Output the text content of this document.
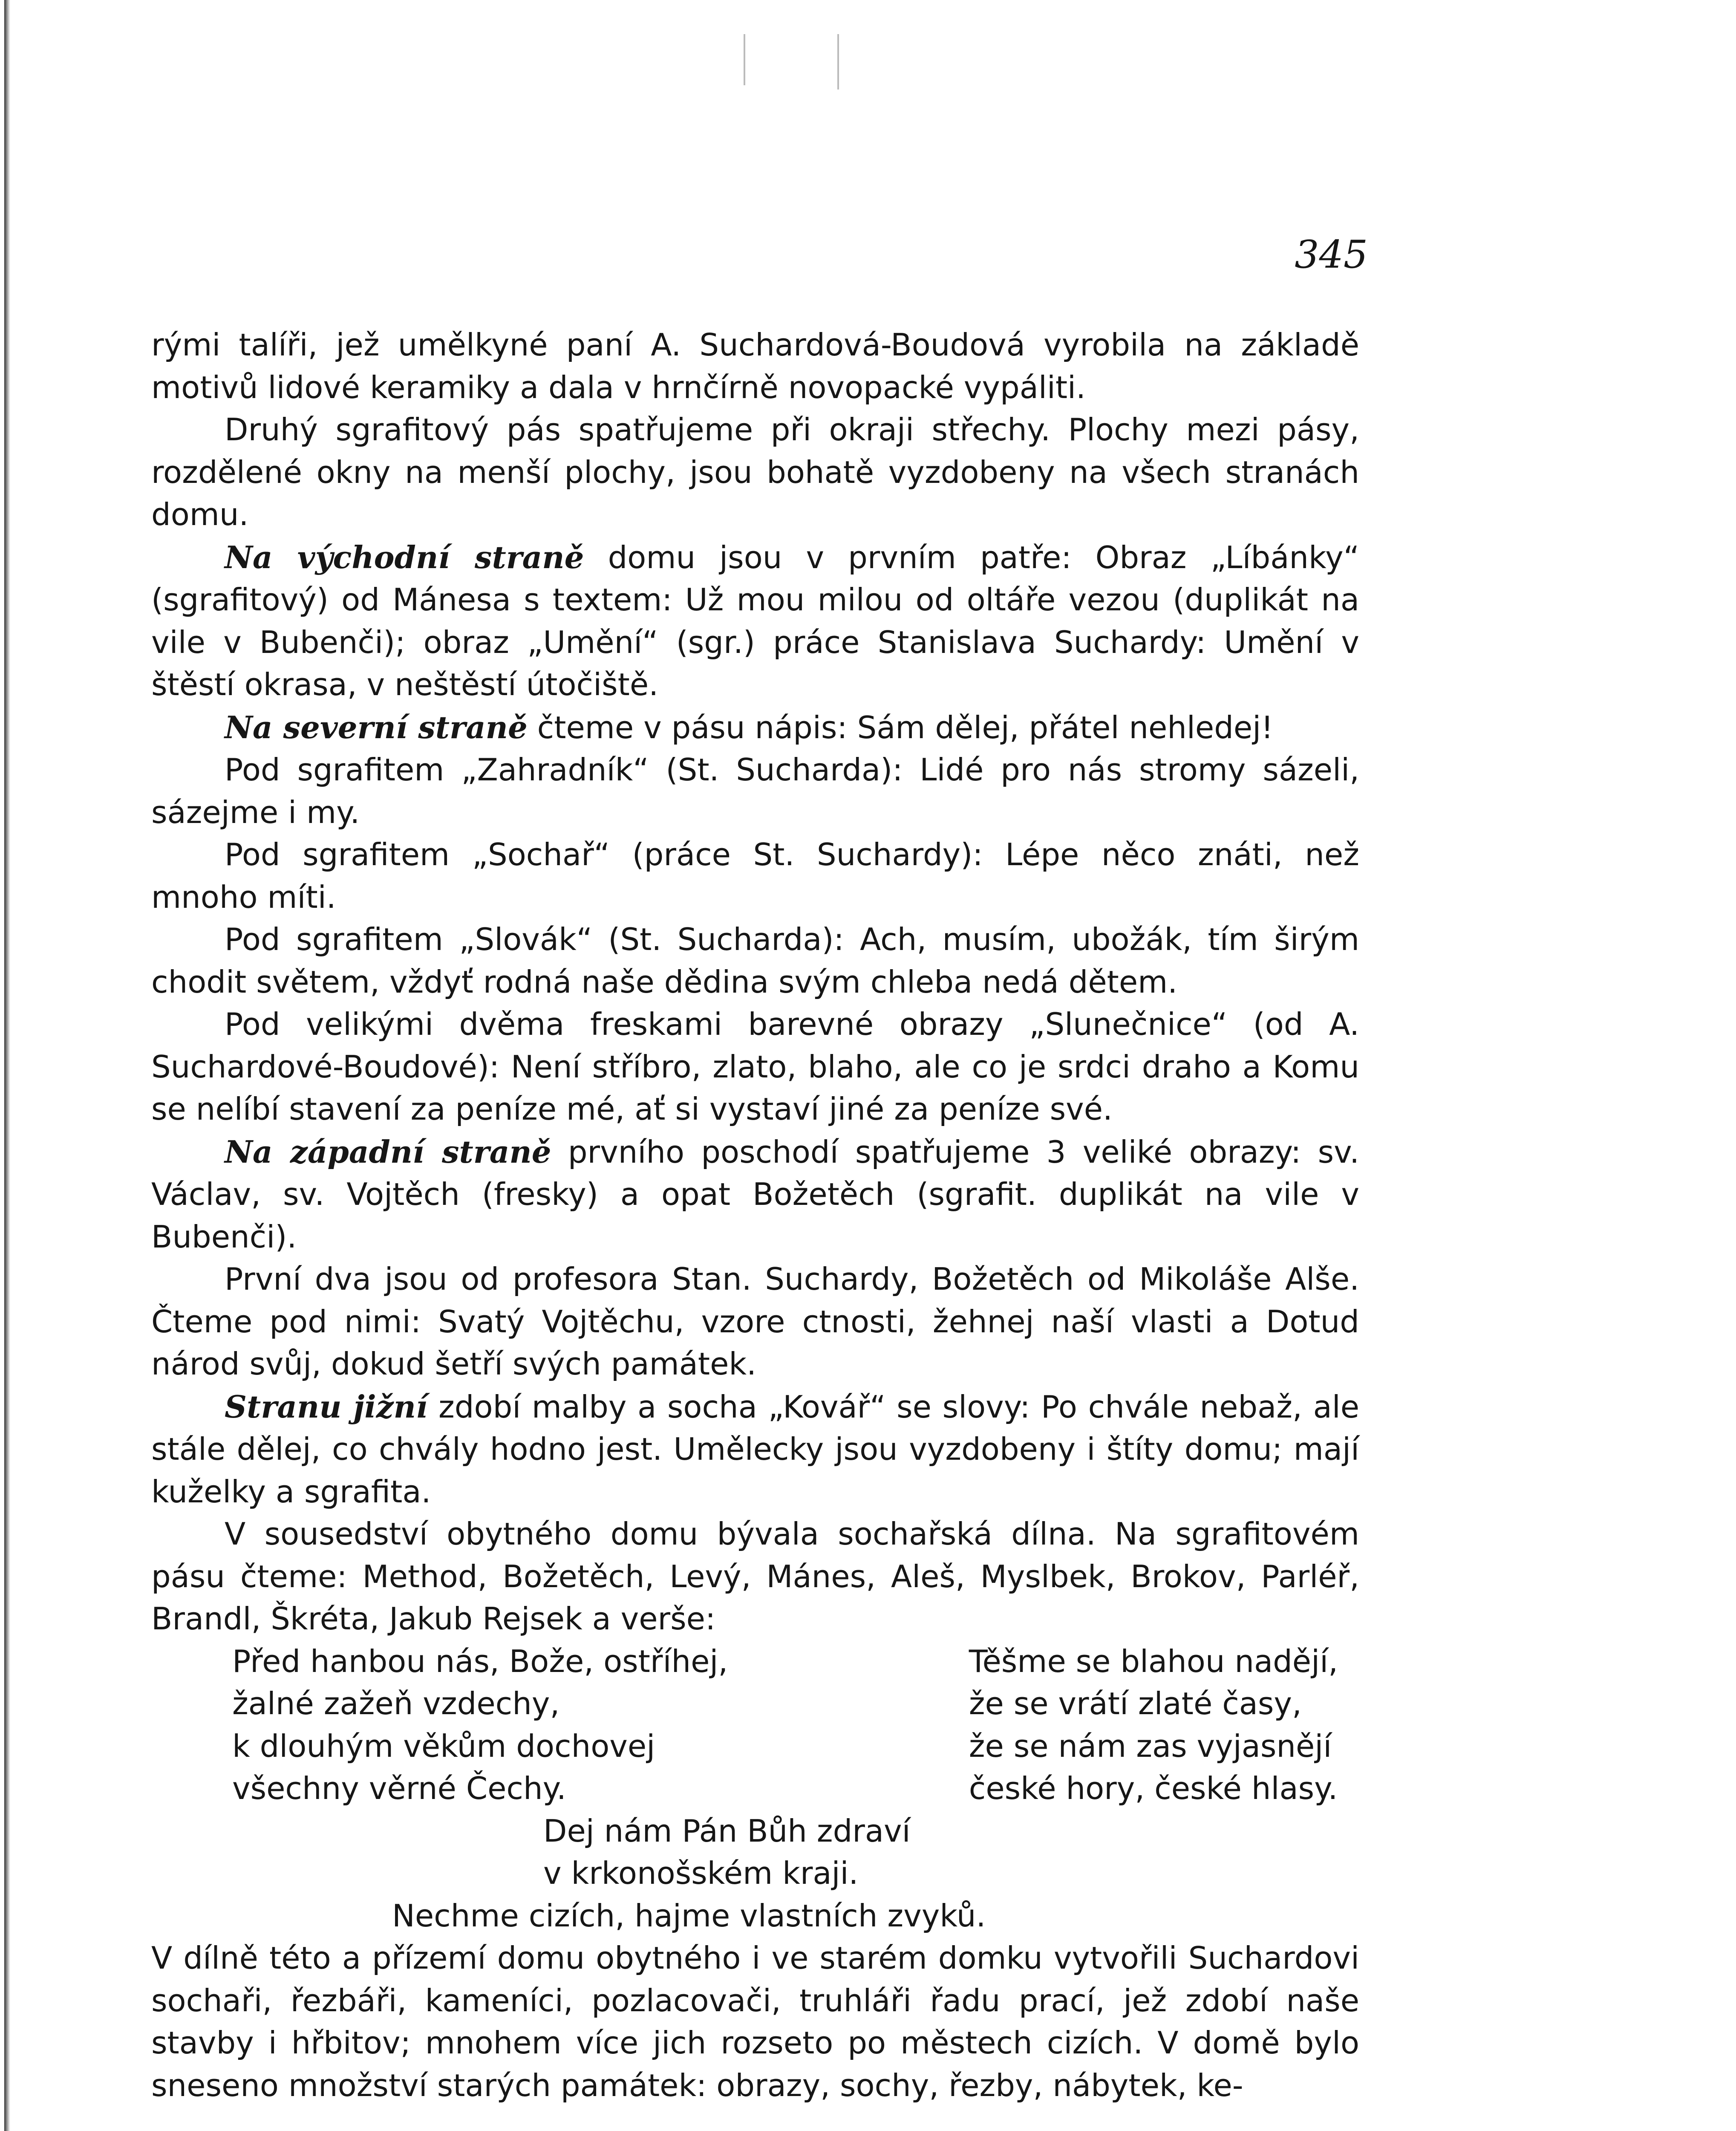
345

rými talíři, jež umělkyné paní A. Suchardová-Boudová vyrobila na základě motivů lidové keramiky a dala v hrnčírně novopacké vypáliti.

Druhý sgrafitový pás spatřujeme při okraji střechy. Plochy mezi pásy, rozdělené okny na menší plochy, jsou bohatě vyzdobeny na všech stranách domu.

Na východní straně domu jsou v prvním patře: Obraz „Líbánky“ (sgrafitový) od Mánesa s textem: Už mou milou od oltáře vezou (duplikát na vile v Bubenči); obraz „Umění“ (sgr.) práce Stanislava Suchardy: Umění v štěstí okrasa, v neštěstí útočiště.

Na severní straně čteme v pásu nápis: Sám dělej, přátel nehledej!

Pod sgrafitem „Zahradník“ (St. Sucharda): Lidé pro nás stromy sázeli, sázejme i my.

Pod sgrafitem „Sochař“ (práce St. Suchardy): Lépe něco znáti, než mnoho míti.

Pod sgrafitem „Slovák“ (St. Sucharda): Ach, musím, ubožák, tím širým chodit světem, vždyť rodná naše dědina svým chleba nedá dětem.

Pod velikými dvěma freskami barevné obrazy „Slunečnice“ (od A. Suchardové-Boudové): Není stříbro, zlato, blaho, ale co je srdci draho a Komu se nelíbí stavení za peníze mé, ať si vystaví jiné za peníze své.

Na západní straně prvního poschodí spatřujeme 3 veliké obrazy: sv. Václav, sv. Vojtěch (fresky) a opat Božetěch (sgrafit. duplikát na vile v Bubenči).

První dva jsou od profesora Stan. Suchardy, Božetěch od Mikoláše Alše. Čteme pod nimi: Svatý Vojtěchu, vzore ctnosti, žehnej naší vlasti a Dotud národ svůj, dokud šetří svých památek.

Stranu jižní zdobí malby a socha „Kovář“ se slovy: Po chvále nebaž, ale stále dělej, co chvály hodno jest. Umělecky jsou vyzdobeny i štíty domu; mají kuželky a sgrafita.

V sousedství obytného domu bývala sochařská dílna. Na sgrafitovém pásu čteme: Method, Božetěch, Levý, Mánes, Aleš, Myslbek, Brokov, Parléř, Brandl, Škréta, Jakub Rejsek a verše:

Před hanbou nás, Bože, ostříhej,
žalné zažeň vzdechy,
k dlouhým věkům dochovej
všechny věrné Čechy.
Těšme se blahou nadějí,
že se vrátí zlaté časy,
že se nám zas vyjasnějí
české hory, české hlasy.
Dej nám Pán Bůh zdraví
v krkonošském kraji.
Nechme cizích, hajme vlastních zvyků.

V dílně této a přízemí domu obytného i ve starém domku vytvořili Suchardovi sochaři, řezbáři, kameníci, pozlacovači, truhláři řadu prací, jež zdobí naše stavby i hřbitov; mnohem více jich rozseto po městech cizích. V domě bylo sneseno množství starých památek: obrazy, sochy, řezby, nábytek, ke-
